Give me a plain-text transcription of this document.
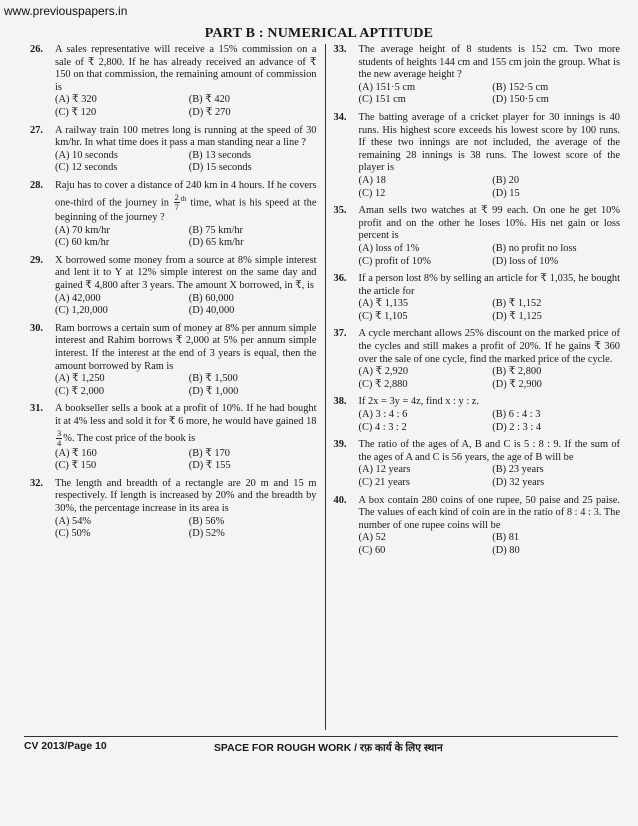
www.previouspapers.in
PART B : NUMERICAL APTITUDE
26.	A sales representative will receive a 15% commission on a sale of ₹ 2,800. If he has already received an advance of ₹ 150 on that commission, the remaining amount of commission is
(A) ₹ 320	(B) ₹ 420
(C) ₹ 120	(D) ₹ 270
27.	A railway train 100 metres long is running at the speed of 30 km/hr. In what time does it pass a man standing near a line ?
(A) 10 seconds	(B) 13 seconds
(C) 12 seconds	(D) 15 seconds
28.	Raju has to cover a distance of 240 km in 4 hours. If he covers one-third of the journey in $\frac{2}{7} ^{th}$ time, what is his speed at the beginning of the journey ?
(A) 70 km/hr	(B) 75 km/hr
(C) 60 km/hr	(D) 65 km/hr
29.	X borrowed some money from a source at 8% simple interest and lent it to Y at 12% simple interest on the same day and gained ₹ 4,800 after 3 years. The amount X borrowed, in ₹, is
(A) 42,000	(B) 60,000
(C) 1,20,000	(D) 40,000
30.	Ram borrows a certain sum of money at 8% per annum simple interest and Rahim borrows ₹ 2,000 at 5% per annum simple interest. If the interest at the end of 3 years is equal, then the amount borrowed by Ram is
(A) ₹ 1,250	(B) ₹ 1,500
(C) ₹ 2,000	(D) ₹ 1,000
31.	A bookseller sells a book at a profit of 10%. If he had bought it at 4% less and sold it for ₹ 6 more, he would have gained 18
$\frac{3}{4}$ %. The cost price of the book is
(A) ₹ 160	(B) ₹ 170
(C) ₹ 150	(D) ₹ 155
32.	The length and breadth of a rectangle are 20 m and 15 m respectively. If length is increased by 20% and the breadth by 30%, the percentage increase in its area is
(A) 54%	(B) 56%
(C) 50%	(D) 52%
33.	The average height of 8 students is 152 cm. Two more students of heights 144 cm and 155 cm join the group. What is the new average height ?
(A) 151·5 cm	(B) 152·5 cm
(C) 151 cm	(D) 150·5 cm
34.	The batting average of a cricket player for 30 innings is 40 runs. His highest score exceeds his lowest score by 100 runs. If these two innings are not included, the average of the remaining 28 innings is 38 runs. The lowest score of the player is
(A) 18	(B) 20
(C) 12	(D) 15
35.	Aman sells two watches at ₹ 99 each. On one he get 10% profit and on the other he loses 10%. His net gain or loss percent is
(A) loss of 1%	(B) no profit no loss
(C) profit of 10%	(D) loss of 10%
36.	If a person lost 8% by selling an article for ₹ 1,035, he bought the article for
(A) ₹ 1,135	(B) ₹ 1,152
(C) ₹ 1,105	(D) ₹ 1,125
37.	A cycle merchant allows 25% discount on the marked price of the cycles and still makes a profit of 20%. If he gains ₹ 360 over the sale of one cycle, find the marked price of the cycle.
(A) ₹ 2,920	(B) ₹ 2,800
(C) ₹ 2,880	(D) ₹ 2,900
38.	If 2x = 3y = 4z, find x : y : z.
(A) 3 : 4 : 6	(B) 6 : 4 : 3
(C) 4 : 3 : 2	(D) 2 : 3 : 4
39.	The ratio of the ages of A, B and C is 5 : 8 : 9. If the sum of the ages of A and C is 56 years, the age of B will be
(A) 12 years	(B) 23 years
(C) 21 years	(D) 32 years
40.	A box contain 280 coins of one rupee, 50 paise and 25 paise. The values of each kind of coin are in the ratio of 8 : 4 : 3. The number of one rupee coins will be
(A) 52	(B) 81
(C) 60	(D) 80
CV 2013/Page 10	SPACE FOR ROUGH WORK / रफ़ कार्य के लिए स्थान
